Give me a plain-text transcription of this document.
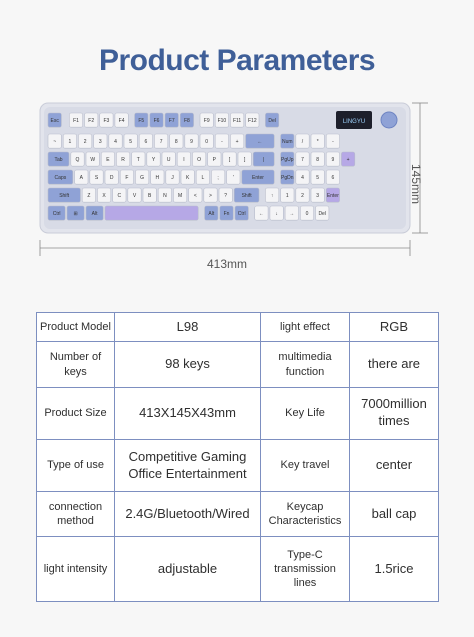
Product Parameters
Esc	F1 F2 F3 F4	F5 F6 F7 F8	F9 F10 F11 F12 Del
~ 1 2 3 4 5 6 7 8 9 0	-	+	←	Num /	*	-
Tab	Q W E R T Y U	I	O P	[	]	|	PgUp 7 8 9 +
Caps	A S D F G H J K L	;	'	Enter	PgDn 4 5 6
Shift	Z X C V B N M < > ?	Shift	↑	1 2 3 Enter
Ctrl	⊞	Alt	Alt Fn Ctrl	← ↓ → 0 Del
LINGYU
413mm
145mm
Product Model	L98	light effect	RGB
Number of keys	98 keys	multimedia function	there are
Product Size	413X145X43mm	Key Life	7000million times
Type of use	Competitive Gaming Office Entertainment	Key travel	center
connection method	2.4G/Bluetooth/Wired	Keycap Characteristics	ball cap
light intensity	adjustable	Type-C transmission lines	1.5rice
